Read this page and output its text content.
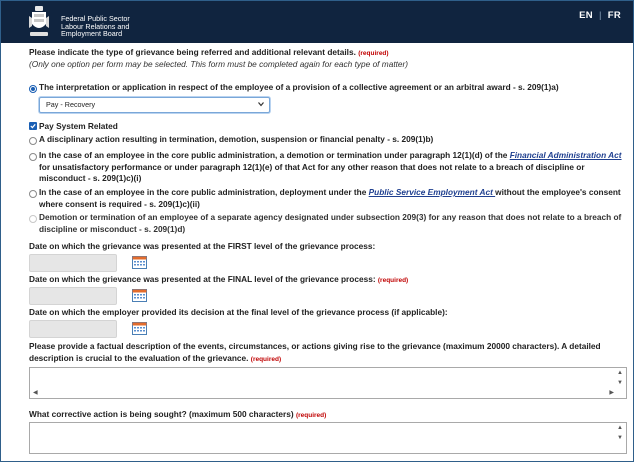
Federal Public Sector
Labour Relations and
Employment Board
EN | FR
Please indicate the type of grievance being referred and additional relevant details. (required)
(Only one option per form may be selected. This form must be completed again for each type of matter)
The interpretation or application in respect of the employee of a provision of a collective agreement or an arbitral award - s. 209(1)a)
Pay - Recovery
Pay System Related
A disciplinary action resulting in termination, demotion, suspension or financial penalty - s. 209(1)b)
In the case of an employee in the core public administration, a demotion or termination under paragraph 12(1)(d) of the Financial Administration Act for unsatisfactory performance or under paragraph 12(1)(e) of that Act for any other reason that does not relate to a breach of discipline or misconduct - s. 209(1)c)(i)
In the case of an employee in the core public administration, deployment under the Public Service Employment Act without the employee's consent where consent is required - s. 209(1)c)(ii)
Demotion or termination of an employee of a separate agency designated under subsection 209(3) for any reason that does not relate to a breach of discipline or misconduct - s. 209(1)d)
Date on which the grievance was presented at the FIRST level of the grievance process:
Date on which the grievance was presented at the FINAL level of the grievance process: (required)
Date on which the employer provided its decision at the final level of the grievance process (if applicable):
Please provide a factual description of the events, circumstances, or actions giving rise to the grievance (maximum 20000 characters). A detailed description is crucial to the evaluation of the grievance. (required)
▲
▼
◀	▶
What corrective action is being sought? (maximum 500 characters) (required)
▲
▼
